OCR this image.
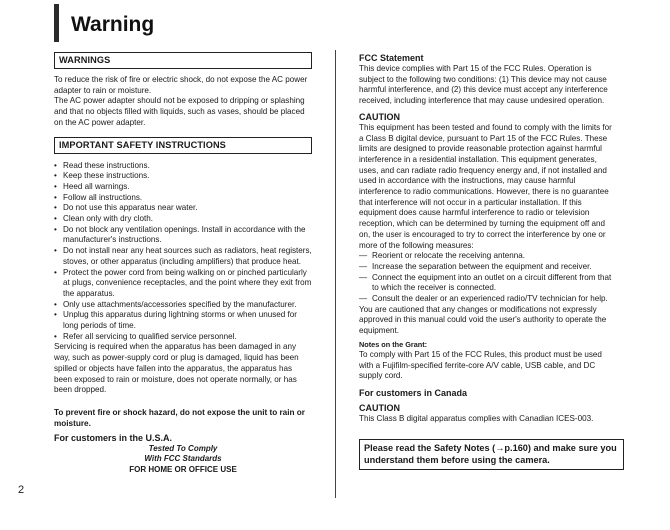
Warning
WARNINGS

To reduce the risk of fire or electric shock, do not expose the AC power adapter to rain or moisture.

The AC power adapter should not be exposed to dripping or splashing and that no objects filled with liquids, such as vases, should be placed on the AC power adapter.

IMPORTANT SAFETY INSTRUCTIONS
• Read these instructions.
• Keep these instructions.
• Heed all warnings.
• Follow all instructions.
• Do not use this apparatus near water.
• Clean only with dry cloth.
• Do not block any ventilation openings. Install in accordance with the manufacturer's instructions.
• Do not install near any heat sources such as radiators, heat registers, stoves, or other apparatus (including amplifiers) that produce heat.
• Protect the power cord from being walking on or pinched particularly at plugs, convenience receptacles, and the point where they exit from the apparatus.
• Only use attachments/accessories specified by the manufacturer.
• Unplug this apparatus during lightning storms or when unused for long periods of time.
• Refer all servicing to qualified service personnel.

Servicing is required when the apparatus has been damaged in any way, such as power-supply cord or plug is damaged, liquid has been spilled or objects have fallen into the apparatus, the apparatus has been exposed to rain or moisture, does not operate normally, or has been dropped.

To prevent fire or shock hazard, do not expose the unit to rain or moisture.

For customers in the U.S.A.
Tested To Comply
With FCC Standards
FOR HOME OR OFFICE USE
FCC Statement

This device complies with Part 15 of the FCC Rules. Operation is subject to the following two conditions: (1) This device may not cause harmful interference, and (2) this device must accept any interference received, including interference that may cause undesired operation.

CAUTION

This equipment has been tested and found to comply with the limits for a Class B digital device, pursuant to Part 15 of the FCC Rules. These limits are designed to provide reasonable protection against harmful interference in a residential installation. This equipment generates, uses, and can radiate radio frequency energy and, if not installed and used in accordance with the instructions, may cause harmful interference to radio communications. However, there is no guarantee that interference will not occur in a particular installation. If this equipment does cause harmful interference to radio or television reception, which can be determined by turning the equipment off and on, the user is encouraged to try to correct the interference by one or more of the following measures:

— Reorient or relocate the receiving antenna.
— Increase the separation between the equipment and receiver.
— Connect the equipment into an outlet on a circuit different from that to which the receiver is connected.
— Consult the dealer or an experienced radio/TV technician for help.

You are cautioned that any changes or modifications not expressly approved in this manual could void the user's authority to operate the equipment.

Notes on the Grant:

To comply with Part 15 of the FCC Rules, this product must be used with a Fujifilm-specified ferrite-core A/V cable, USB cable, and DC supply cord.

For customers in Canada
CAUTION

This Class B digital apparatus complies with Canadian ICES-003.

Please read the Safety Notes (→p.160) and make sure you understand them before using the camera.
2
